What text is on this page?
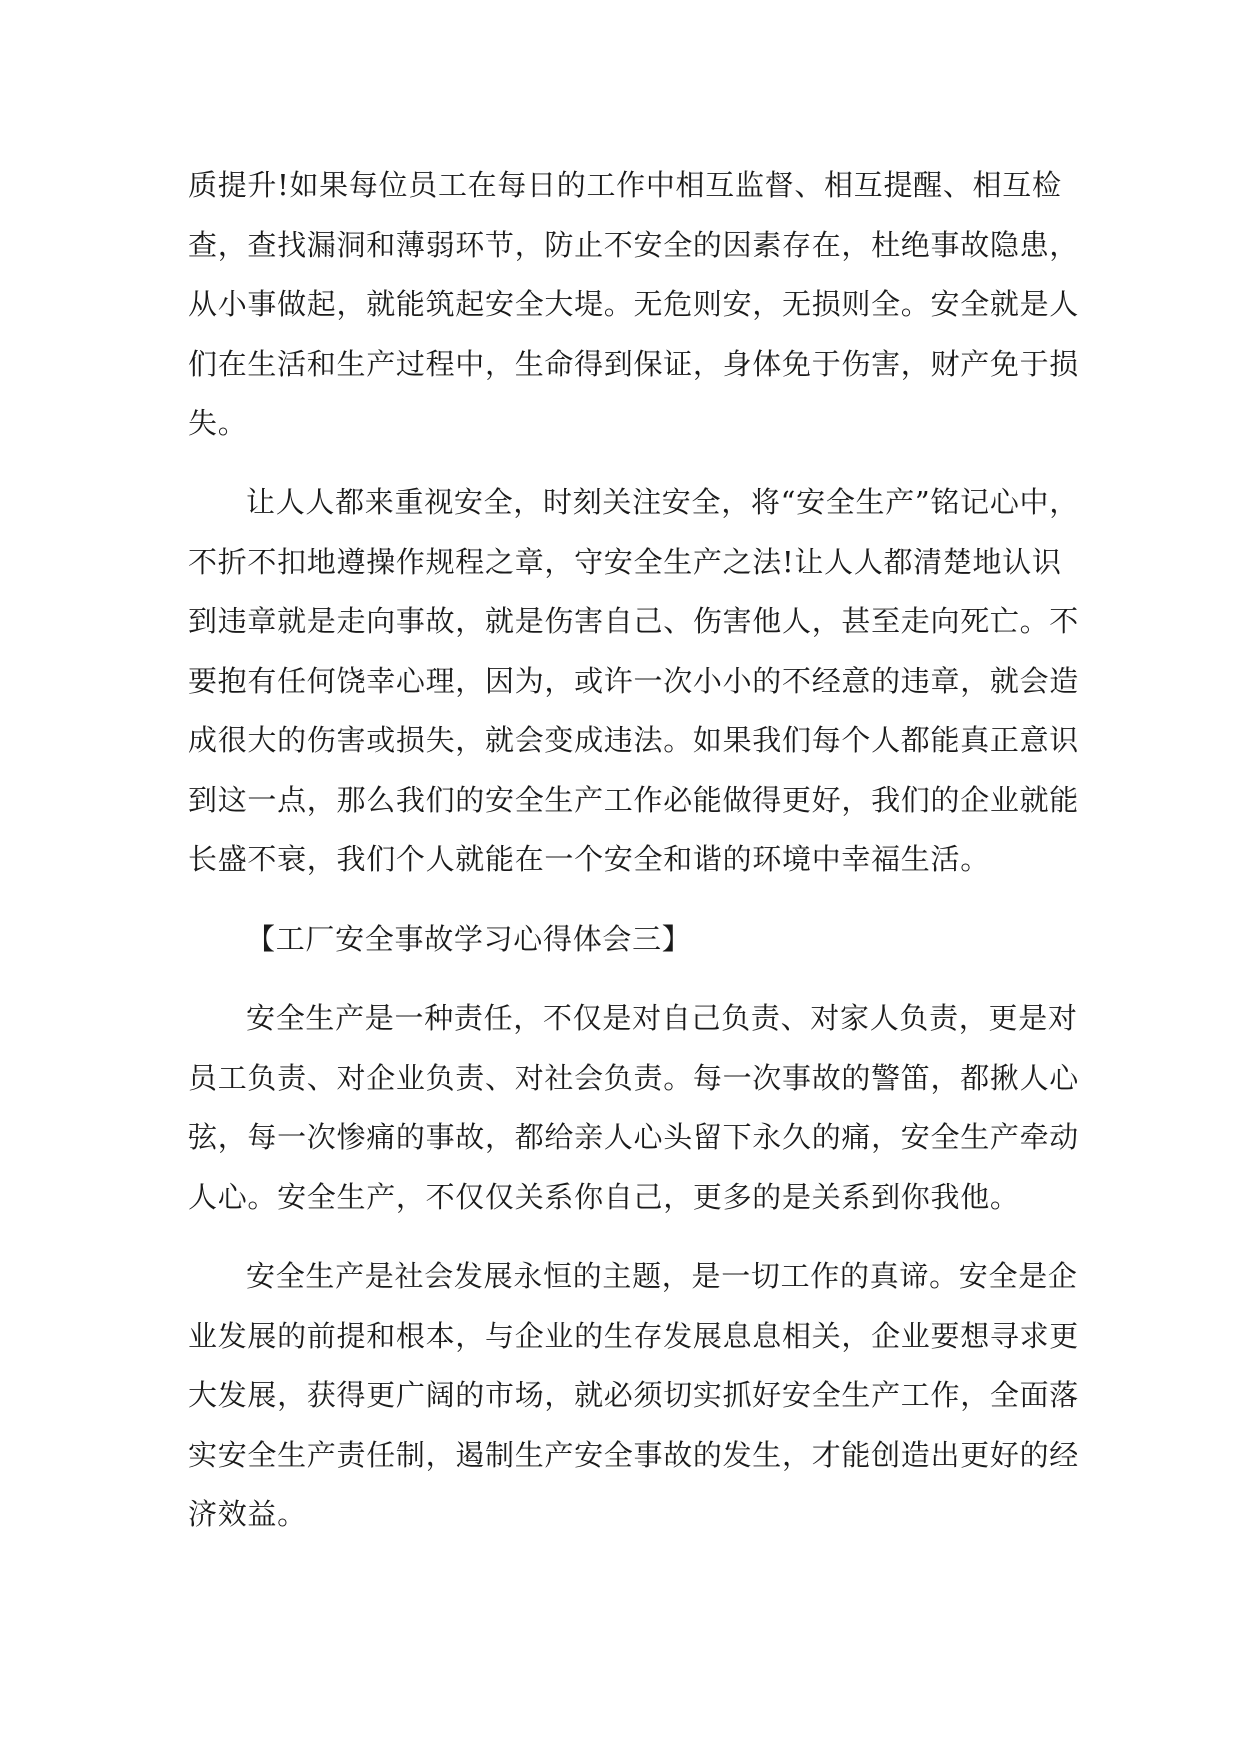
质提升!如果每位员工在每日的工作中相互监督、相互提醒、相互检
查，查找漏洞和薄弱环节，防止不安全的因素存在，杜绝事故隐患，
从小事做起，就能筑起安全大堤。无危则安，无损则全。安全就是人
们在生活和生产过程中，生命得到保证，身体免于伤害，财产免于损
失。
让人人都来重视安全，时刻关注安全，将“安全生产”铭记心中，
不折不扣地遵操作规程之章，守安全生产之法!让人人都清楚地认识
到违章就是走向事故，就是伤害自己、伤害他人，甚至走向死亡。不
要抱有任何饶幸心理，因为，或许一次小小的不经意的违章，就会造
成很大的伤害或损失，就会变成违法。如果我们每个人都能真正意识
到这一点，那么我们的安全生产工作必能做得更好，我们的企业就能
长盛不衰，我们个人就能在一个安全和谐的环境中幸福生活。
【工厂安全事故学习心得体会三】
安全生产是一种责任，不仅是对自己负责、对家人负责，更是对
员工负责、对企业负责、对社会负责。每一次事故的警笛，都揪人心
弦，每一次惨痛的事故，都给亲人心头留下永久的痛，安全生产牵动
人心。安全生产，不仅仅关系你自己，更多的是关系到你我他。
安全生产是社会发展永恒的主题，是一切工作的真谛。安全是企
业发展的前提和根本，与企业的生存发展息息相关，企业要想寻求更
大发展，获得更广阔的市场，就必须切实抓好安全生产工作，全面落
实安全生产责任制，遏制生产安全事故的发生，才能创造出更好的经
济效益。
